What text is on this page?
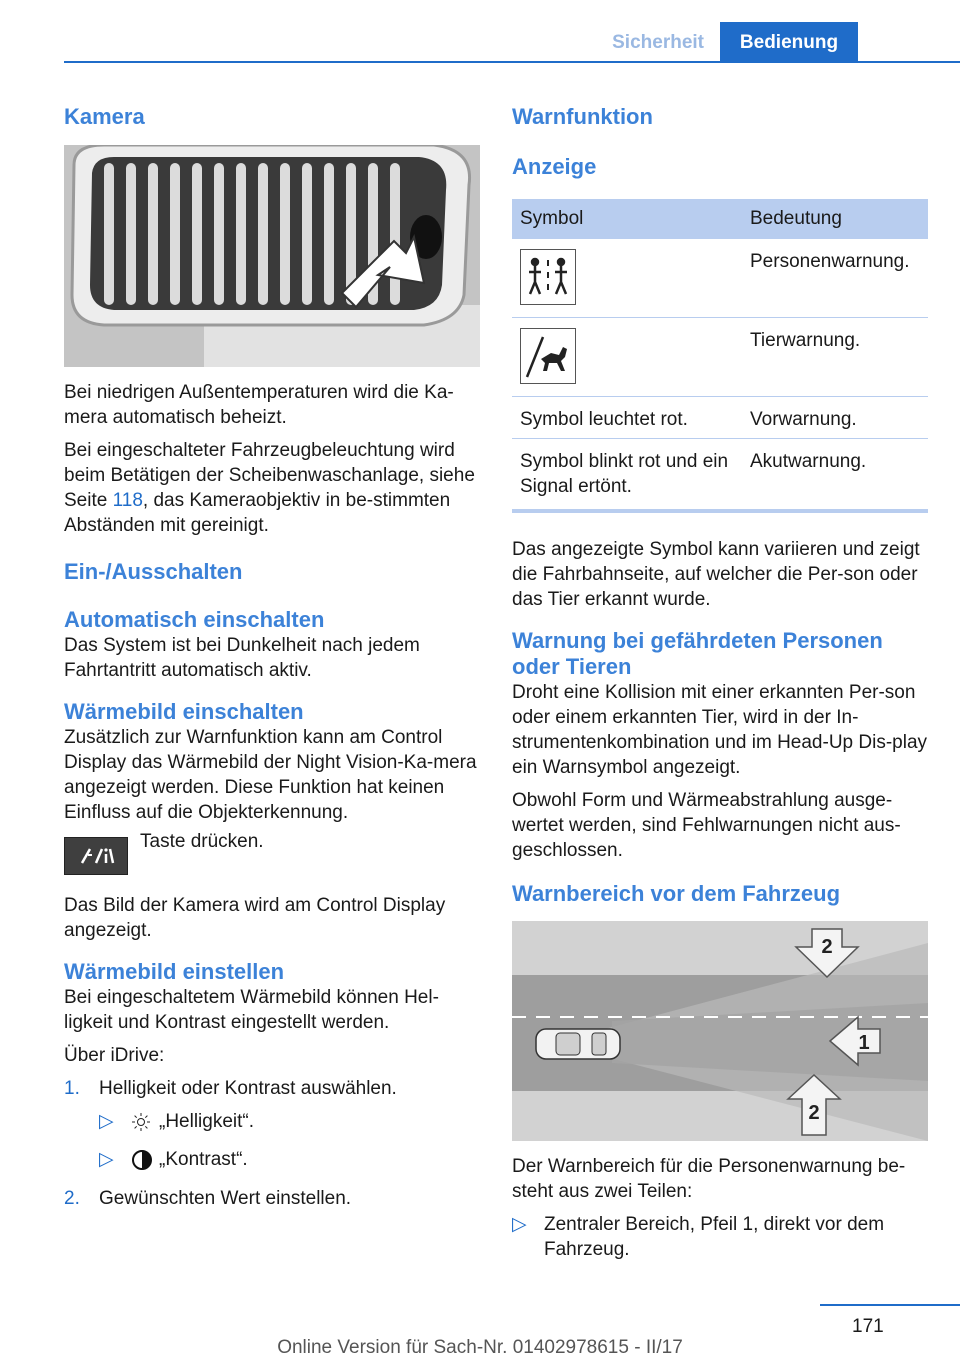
Sicherheit	Bedienung
Kamera

Bei niedrigen Außentemperaturen wird die Ka-mera automatisch beheizt.

Bei eingeschalteter Fahrzeugbeleuchtung wird beim Betätigen der Scheibenwaschanlage, siehe Seite 118, das Kameraobjektiv in be-stimmten Abständen mit gereinigt.

Ein-/Ausschalten
Automatisch einschalten

Das System ist bei Dunkelheit nach jedem Fahrtantritt automatisch aktiv.

Wärmebild einschalten

Zusätzlich zur Warnfunktion kann am Control Display das Wärmebild der Night Vision-Ka-mera angezeigt werden. Diese Funktion hat keinen Einfluss auf die Objekterkennung.

Taste drücken.

Das Bild der Kamera wird am Control Display angezeigt.

Wärmebild einstellen

Bei eingeschaltetem Wärmebild können Hel-ligkeit und Kontrast eingestellt werden.

Über iDrive:

1.	Helligkeit oder Kontrast auswählen.
▷	„Helligkeit“.
▷	„Kontrast“.
2.	Gewünschten Wert einstellen.
Warnfunktion
Anzeige
Symbol	Bedeutung
	Personenwarnung.
	Tierwarnung.
Symbol leuchtet rot.	Vorwarnung.
Symbol blinkt rot und ein Signal ertönt.	Akutwarnung.

Das angezeigte Symbol kann variieren und zeigt die Fahrbahnseite, auf welcher die Per-son oder das Tier erkannt wurde.

Warnung bei gefährdeten Personen oder Tieren

Droht eine Kollision mit einer erkannten Per-son oder einem erkannten Tier, wird in der In-strumentenkombination und im Head-Up Dis-play ein Warnsymbol angezeigt.

Obwohl Form und Wärmeabstrahlung ausge-wertet werden, sind Fehlwarnungen nicht aus-geschlossen.

Warnbereich vor dem Fahrzeug
2
1
2

Der Warnbereich für die Personenwarnung be-steht aus zwei Teilen:

▷ Zentraler Bereich, Pfeil 1, direkt vor dem Fahrzeug.
171
Online Version für Sach-Nr. 01402978615 - II/17
